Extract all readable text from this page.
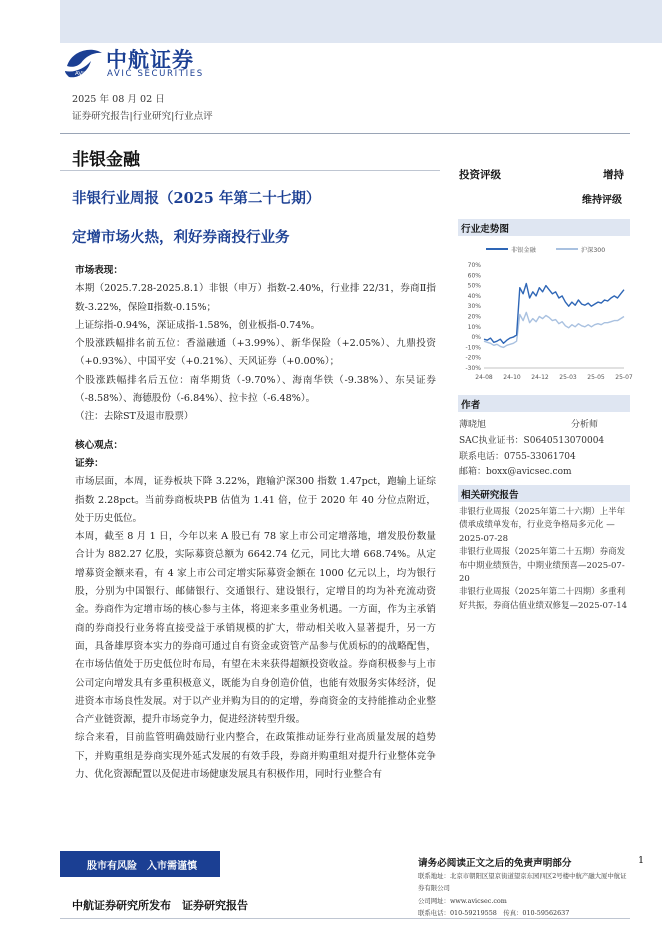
AVIC
中航证券
AVIC SECURITIES
2025 年 08 月 02 日
证券研究报告|行业研究|行业点评
非银金融
非银行业周报（2025 年第二十七期）
定增市场火热，利好券商投行业务
投资评级	增持
维持评级
行业走势图
非银金融	沪深300
70%
60%
50%
40%
30%
20%
10%
0%
-10%
-20%
-30%
24-08 24-10 24-12 25-03 25-05 25-07
作者
薄晓旭	分析师
SAC执业证书：S0640513070004
联系电话：0755-33061704
邮箱：boxx@avicsec.com
相关研究报告
非银行业周报（2025年第二十六期）上半年债承成绩单发布，行业竞争格局多元化 —2025-07-28
非银行业周报（2025年第二十五期）券商发布中期业绩预告，中期业绩预喜—2025-07-20
非银行业周报（2025年第二十四期）多重利好共振，券商估值业绩双修复—2025-07-14
市场表现：
本期（2025.7.28-2025.8.1）非银（申万）指数-2.40%，行业排 22/31，券商Ⅱ指数-3.22%，保险Ⅱ指数-0.15%；
上证综指-0.94%，深证成指-1.58%，创业板指-0.74%。
个股涨跌幅排名前五位：香溢融通（+3.99%）、新华保险（+2.05%）、九鼎投资（+0.93%）、中国平安（+0.21%）、天风证券（+0.00%）；
个股涨跌幅排名后五位：南华期货（-9.70%）、海南华铁（-9.38%）、东吴证券（-8.58%）、海德股份（-6.84%）、拉卡拉（-6.48%）。
（注：去除ST及退市股票）
核心观点：
证券：
市场层面，本周，证券板块下降 3.22%，跑输沪深300 指数 1.47pct，跑输上证综指数 2.28pct。当前券商板块PB 估值为 1.41 倍，位于 2020 年 40 分位点附近，处于历史低位。
本周，截至 8 月 1 日，今年以来 A 股已有 78 家上市公司定增落地，增发股份数量合计为 882.27 亿股，实际募资总额为 6642.74 亿元，同比大增 668.74%。从定增募资金额来看，有 4 家上市公司定增实际募资金额在 1000 亿元以上，均为银行股，分别为中国银行、邮储银行、交通银行、建设银行，定增目的均为补充流动资金。券商作为定增市场的核心参与主体，将迎来多重业务机遇。一方面，作为主承销商的券商投行业务将直接受益于承销规模的扩大，带动相关收入显著提升，另一方面，具备雄厚资本实力的券商可通过自有资金或资管产品参与优质标的的战略配售，在市场估值处于历史低位时布局，有望在未来获得超额投资收益。券商积极参与上市公司定向增发具有多重积极意义，既能为自身创造价值，也能有效服务实体经济，促进资本市场良性发展。对于以产业并购为目的的定增，券商资金的支持能推动企业整合产业链资源，提升市场竞争力，促进经济转型升级。
综合来看，目前监管明确鼓励行业内整合，在政策推动证券行业高质量发展的趋势下，并购重组是券商实现外延式发展的有效手段，券商并购重组对提升行业整体竞争力、优化资源配置以及促进市场健康发展具有积极作用，同时行业整合有
股市有风险　入市需谨慎	请务必阅读正文之后的免责声明部分	1
联系地址：北京市朝阳区望京街道望京东园四区2号楼中航产融大厦中航证券有限公司
公司网址：www.avicsec.com
联系电话：010-59219558　传真：010-59562637
中航证券研究所发布　证券研究报告
